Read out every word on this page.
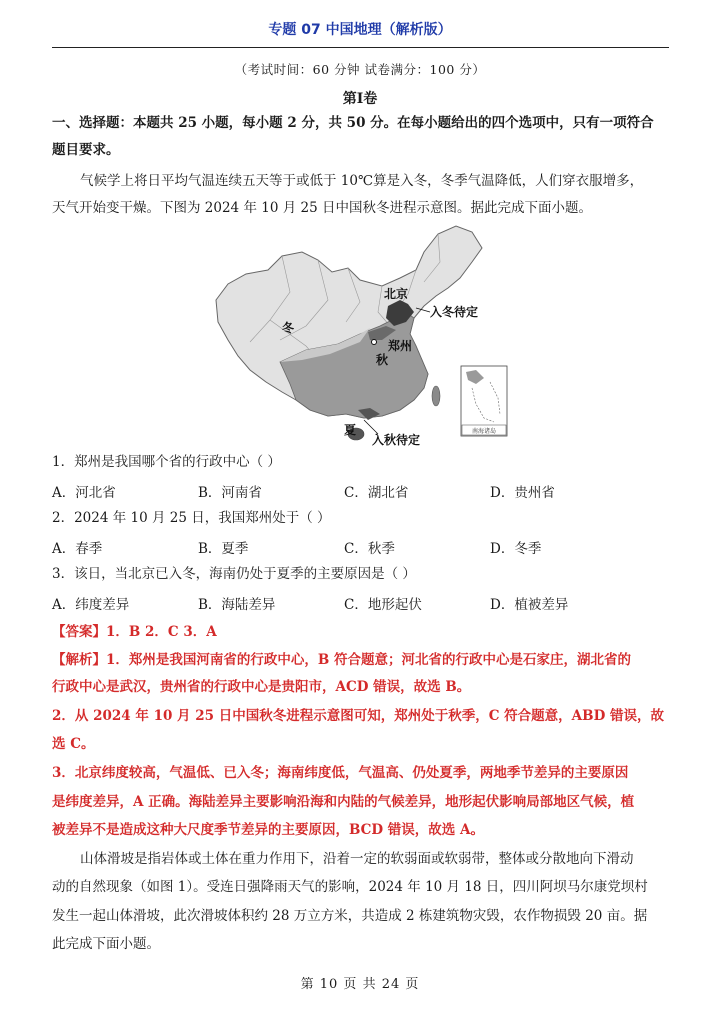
专题 07 中国地理（解析版）
（考试时间：60 分钟 试卷满分：100 分）
第Ⅰ卷
一、选择题：本题共 25 小题，每小题 2 分，共 50 分。在每小题给出的四个选项中，只有一项符合
题目要求。
气候学上将日平均气温连续五天等于或低于 10℃算是入冬，冬季气温降低，人们穿衣服增多，
天气开始变干燥。下图为 2024 年 10 月 25 日中国秋冬进程示意图。据此完成下面小题。
北京
入冬待定
冬
郑州
秋
夏
入秋待定
南海诸岛
1．郑州是我国哪个省的行政中心（ ）
A．河北省	B．河南省	C．湖北省	D．贵州省
2．2024 年 10 月 25 日，我国郑州处于（ ）
A．春季	B．夏季	C．秋季	D．冬季
3．该日，当北京已入冬，海南仍处于夏季的主要原因是（ ）
A．纬度差异	B．海陆差异	C．地形起伏	D．植被差异
【答案】1．B 2．C 3．A
【解析】1．郑州是我国河南省的行政中心，B 符合题意；河北省的行政中心是石家庄，湖北省的
行政中心是武汉，贵州省的行政中心是贵阳市，ACD 错误，故选 B。
2．从 2024 年 10 月 25 日中国秋冬进程示意图可知，郑州处于秋季，C 符合题意，ABD 错误，故
选 C。
3．北京纬度较高，气温低、已入冬；海南纬度低，气温高、仍处夏季，两地季节差异的主要原因
是纬度差异，A 正确。海陆差异主要影响沿海和内陆的气候差异，地形起伏影响局部地区气候，植
被差异不是造成这种大尺度季节差异的主要原因，BCD 错误，故选 A。
山体滑坡是指岩体或土体在重力作用下，沿着一定的软弱面或软弱带，整体或分散地向下滑动
动的自然现象（如图 1）。受连日强降雨天气的影响，2024 年 10 月 18 日，四川阿坝马尔康党坝村
发生一起山体滑坡，此次滑坡体积约 28 万立方米，共造成 2 栋建筑物灾毁，农作物损毁 20 亩。据
此完成下面小题。
第 10 页 共 24 页
